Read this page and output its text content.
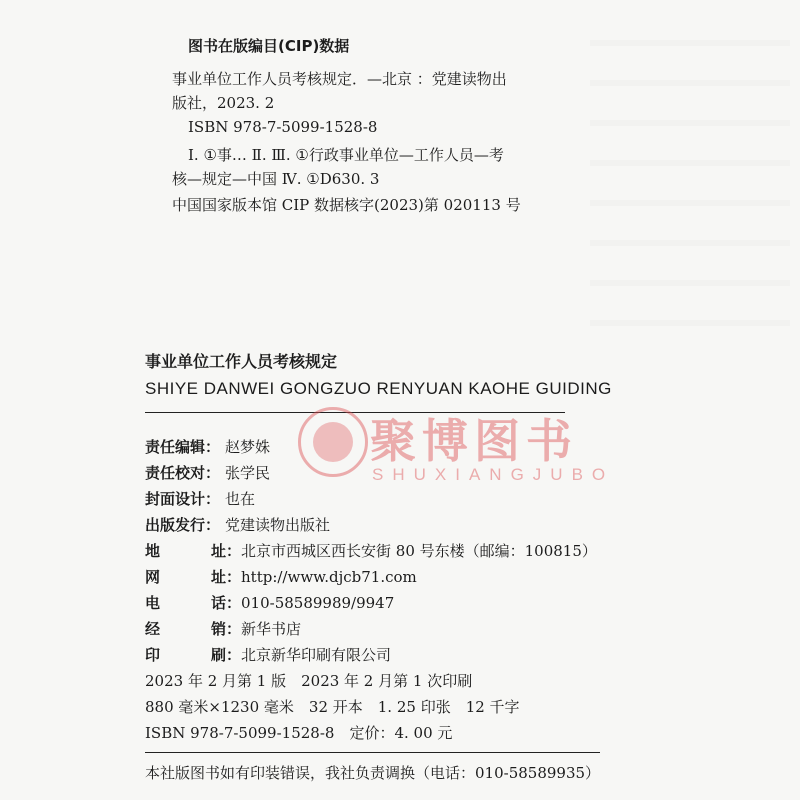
图书在版编目(CIP)数据
事业单位工作人员考核规定．—北京 ：党建读物出
版社，2023. 2
ISBN 978-7-5099-1528-8
Ⅰ. ①事… Ⅱ. Ⅲ. ①行政事业单位—工作人员—考
核—规定—中国 Ⅳ. ①D630. 3
中国国家版本馆 CIP 数据核字(2023)第 020113 号
事业单位工作人员考核规定
SHIYE DANWEI GONGZUO RENYUAN KAOHE GUIDING
聚博图书
SHUXIANGJUBO
责任编辑： 赵梦姝
责任校对： 张学民
封面设计： 也在
出版发行： 党建读物出版社
地	址： 北京市西城区西长安街 80 号东楼（邮编：100815）
网	址： http://www.djcb71.com
电	话： 010-58589989/9947
经	销： 新华书店
印	刷： 北京新华印刷有限公司
2023 年 2 月第 1 版　2023 年 2 月第 1 次印刷
880 毫米×1230 毫米　32 开本　1. 25 印张　12 千字
ISBN 978-7-5099-1528-8　定价：4. 00 元
本社版图书如有印装错误，我社负责调换（电话：010-58589935）
